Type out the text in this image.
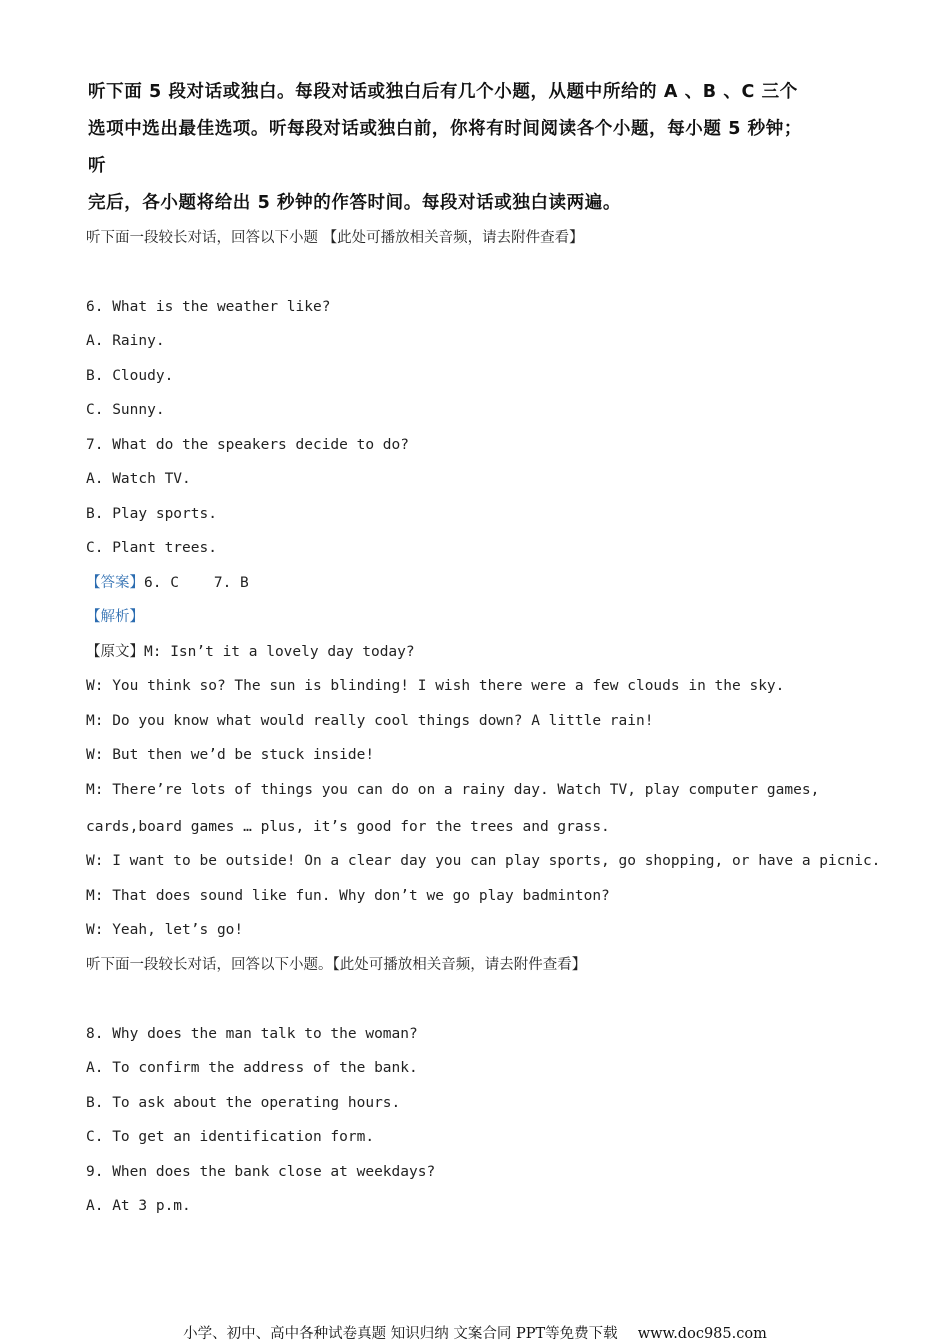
听下面 5 段对话或独白。每段对话或独白后有几个小题，从题中所给的 A 、B 、C 三个
选项中选出最佳选项。听每段对话或独白前，你将有时间阅读各个小题，每小题 5 秒钟；
听
完后，各小题将给出 5 秒钟的作答时间。每段对话或独白读两遍。
听下面一段较长对话，回答以下小题 【此处可播放相关音频，请去附件查看】
6. What is the weather like?
A. Rainy.
B. Cloudy.
C. Sunny.
7. What do the speakers decide to do?
A. Watch TV.
B. Play sports.
C. Plant trees.
【答案】6. C    7. B
【解析】
【原文】M: Isn’t it a lovely day today?
W: You think so? The sun is blinding! I wish there were a few clouds in the sky.
M: Do you know what would really cool things down? A little rain!
W: But then we’d be stuck inside!
M: There’re lots of things you can do on a rainy day. Watch TV, play computer games,
cards,board games … plus, it’s good for the trees and grass.
W: I want to be outside! On a clear day you can play sports, go shopping, or have a picnic.
M: That does sound like fun. Why don’t we go play badminton?
W: Yeah, let’s go!
听下面一段较长对话，回答以下小题。【此处可播放相关音频，请去附件查看】
8. Why does the man talk to the woman?
A. To confirm the address of the bank.
B. To ask about the operating hours.
C. To get an identification form.
9. When does the bank close at weekdays?
A. At 3 p.m.
小学、初中、高中各种试卷真题 知识归纳 文案合同 PPT等免费下载 www.doc985.com
